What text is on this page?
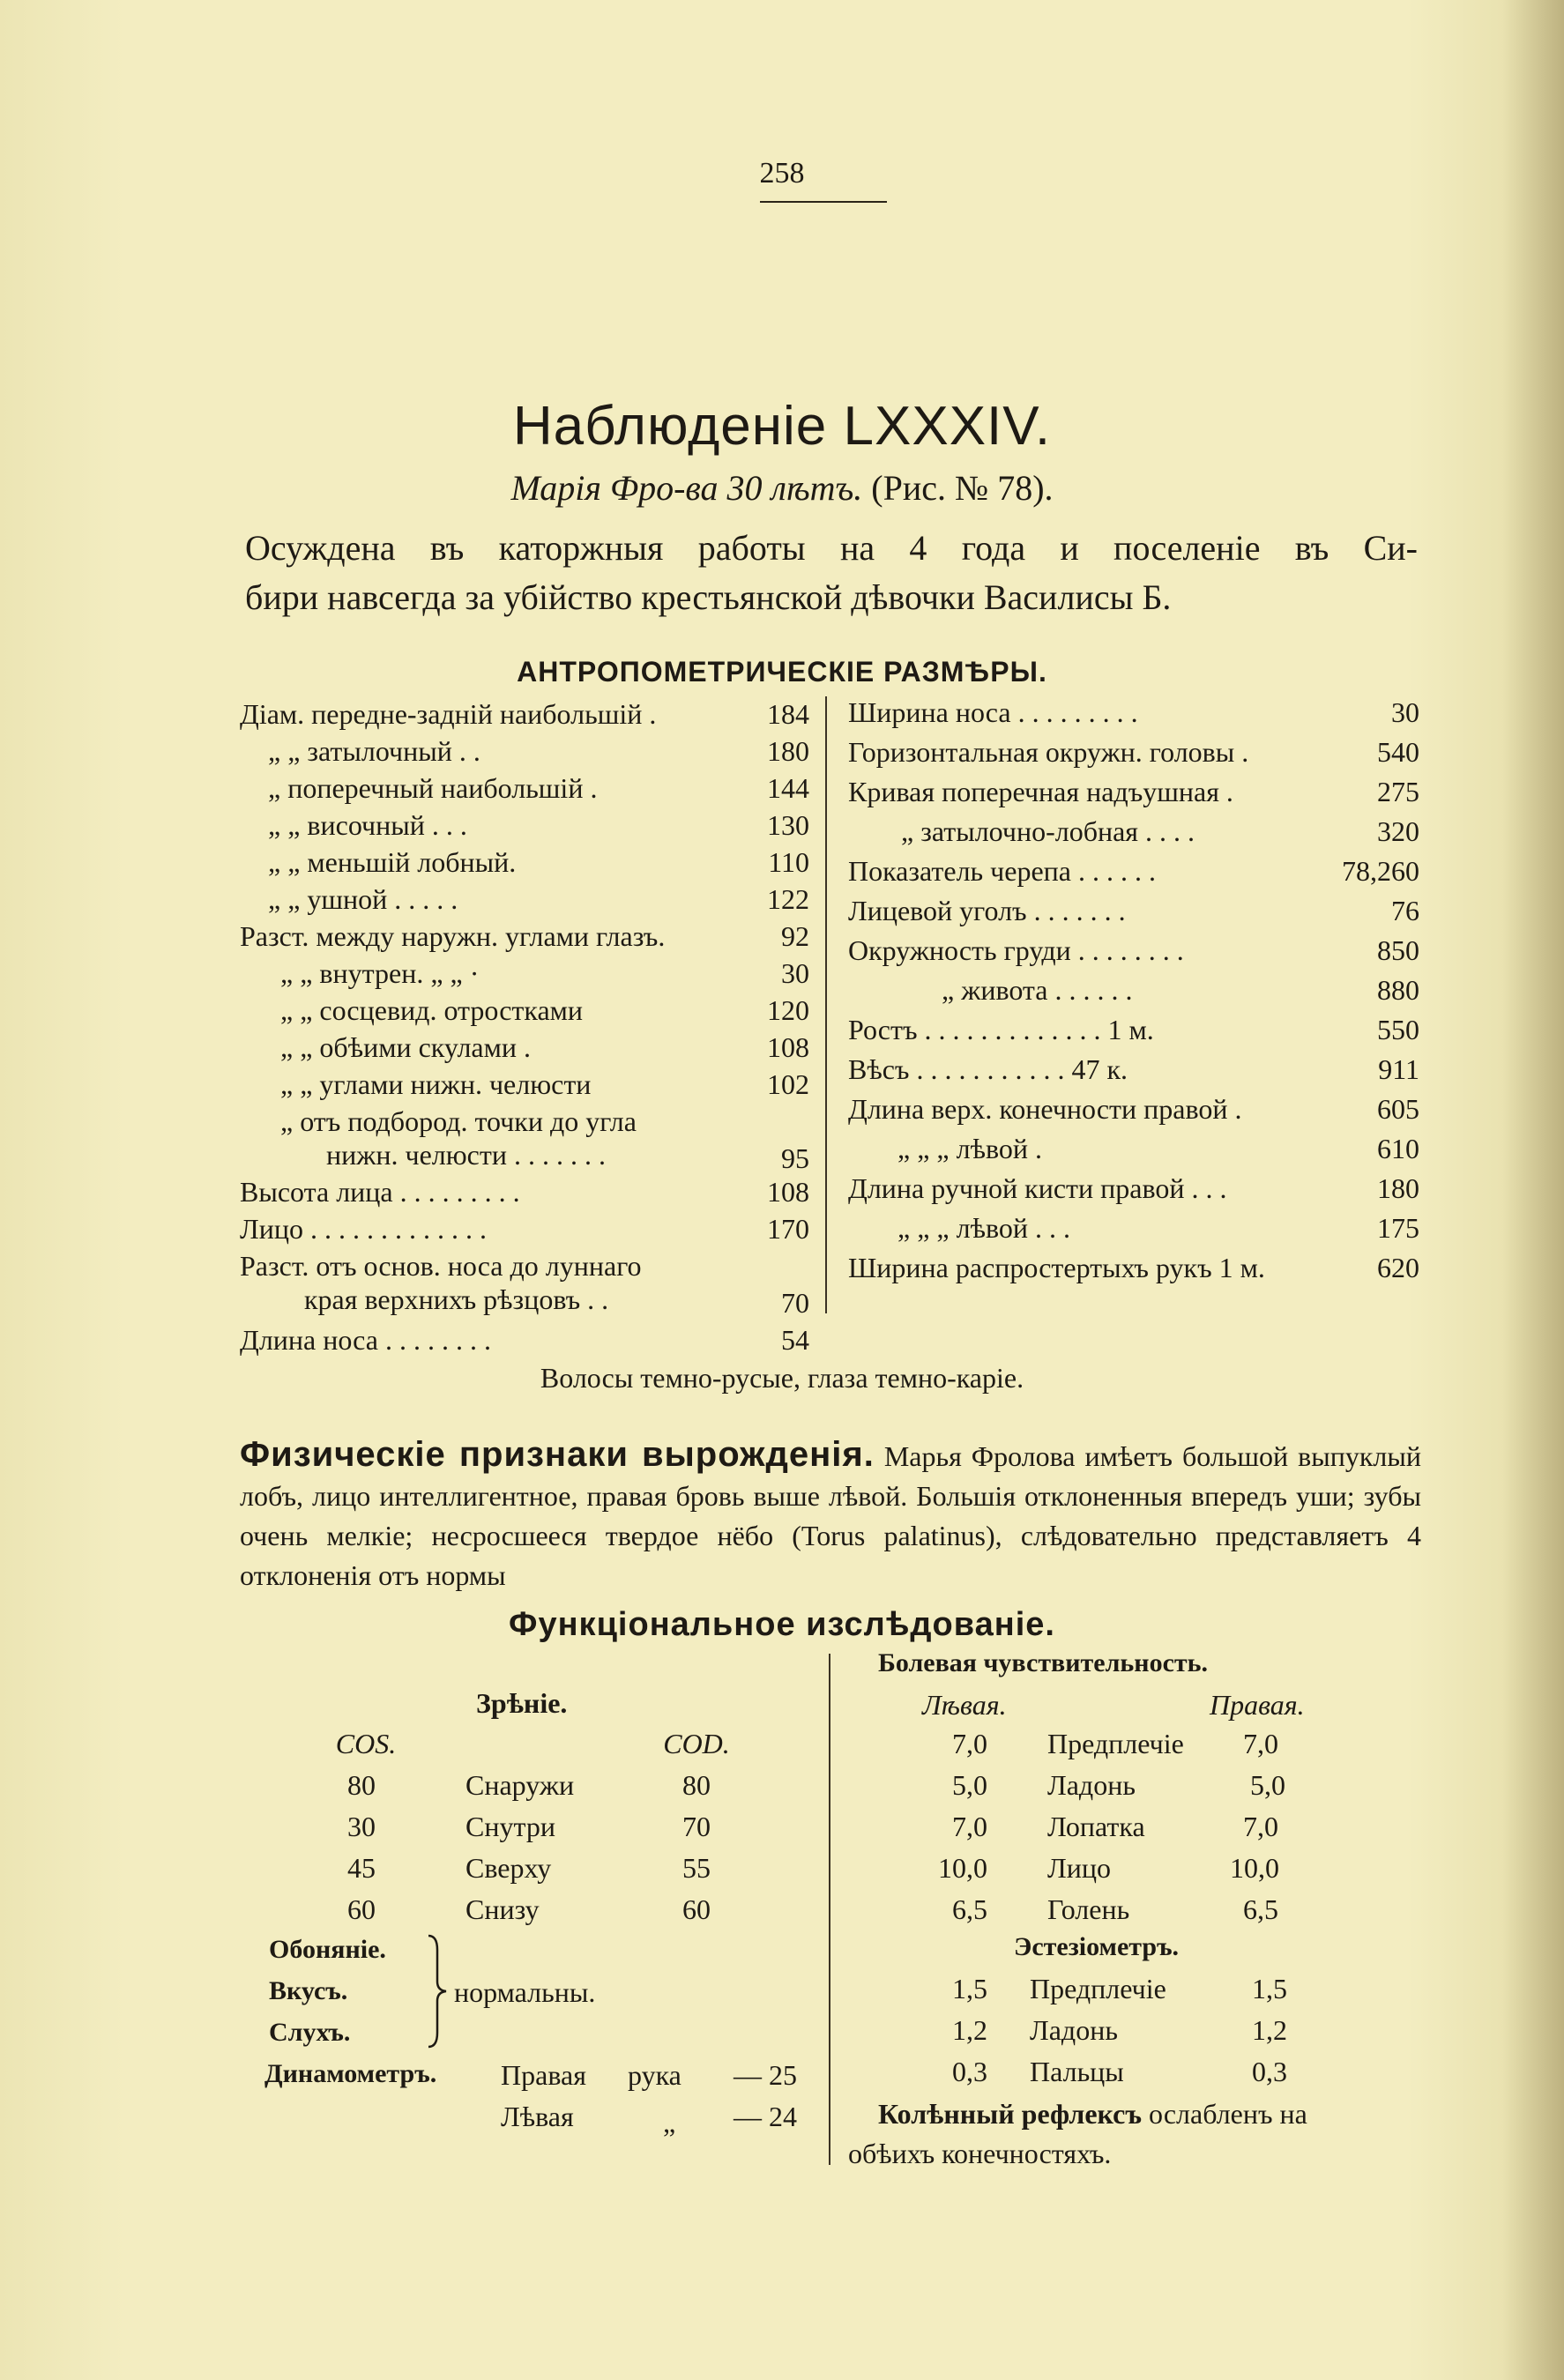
258
Наблюденіе LXXXIV.
Марія Фро-ва 30 лѣтъ. (Рис. № 78).
Осуждена въ каторжныя работы на 4 года и поселеніе въ Си-
бири навсегда за убійство крестьянской дѣвочки Василисы Б.
АНТРОПОМЕТРИЧЕСКІЕ РАЗМѢРЫ.
Діам. передне-задній наибольшій .	184
„ „ затылочный . .	180
„ поперечный наибольшій .	144
„ „ височный . . .	130
„ „ меньшій лобный.	110
„ „ ушной . . . . .	122
Разст. между наружн. углами глазъ.	92
„ „ внутрен. „ „ ·	30
„ „ сосцевид. отростками	120
„ „ обѣими скулами .	108
„ „ углами нижн. челюсти	102
„ отъ подбород. точки до угла
нижн. челюсти . . . . . . .	95
Высота лица . . . . . . . . .	108
Лицо . . . . . . . . . . . . .	170
Разст. отъ основ. носа до луннаго
края верхнихъ рѣзцовъ . .	70
Длина носа . . . . . . . .	54
Ширина носа . . . . . . . . .	30
Горизонтальная окружн. головы .	540
Кривая поперечная надъушная .	275
„ затылочно-лобная . . . .	320
Показатель черепа . . . . . .	78,260
Лицевой уголъ . . . . . . .	76
Окружность груди . . . . . . . .	850
„ живота . . . . . .	880
Ростъ . . . . . . . . . . . . . 1 м.	550
Вѣсъ . . . . . . . . . . . 47 к.	911
Длина верх. конечности правой .	605
„ „ „ лѣвой .	610
Длина ручной кисти правой . . .	180
„ „ „ лѣвой . . .	175
Ширина распростертыхъ рукъ 1 м.	620
Волосы темно-русые, глаза темно-каріе.
Физическіе признаки вырожденія. Марья Фролова имѣетъ большой выпуклый лобъ, лицо интеллигентное, правая бровь выше лѣвой. Большія отклоненныя впередъ уши; зубы очень мелкіе; несросшееся твердое нёбо (Torus palatinus), слѣдовательно представляетъ 4 отклоненія отъ нормы
Функціональное изслѣдованіе.
Зрѣніе.
COS.	COD.
80	Снаружи	80
30	Снутри	70
45	Сверху	55
60	Снизу	60
Обоняніе.
Вкусъ.
Слухъ.
нормальны.
Динамометръ. Правая рука — 25
Лѣвая	„ — 24
Болевая чувствительность.
Лѣвая.	Правая.
7,0 Предплечіе 7,0
5,0 Ладонь	5,0
7,0 Лопатка	7,0
10,0 Лицо	10,0
6,5 Голень	6,5
Эстезіометръ.
1,5 Предплечіе	1,5
1,2 Ладонь	1,2
0,3 Пальцы	0,3
Колѣнный рефлексъ ослабленъ на
обѣихъ конечностяхъ.
